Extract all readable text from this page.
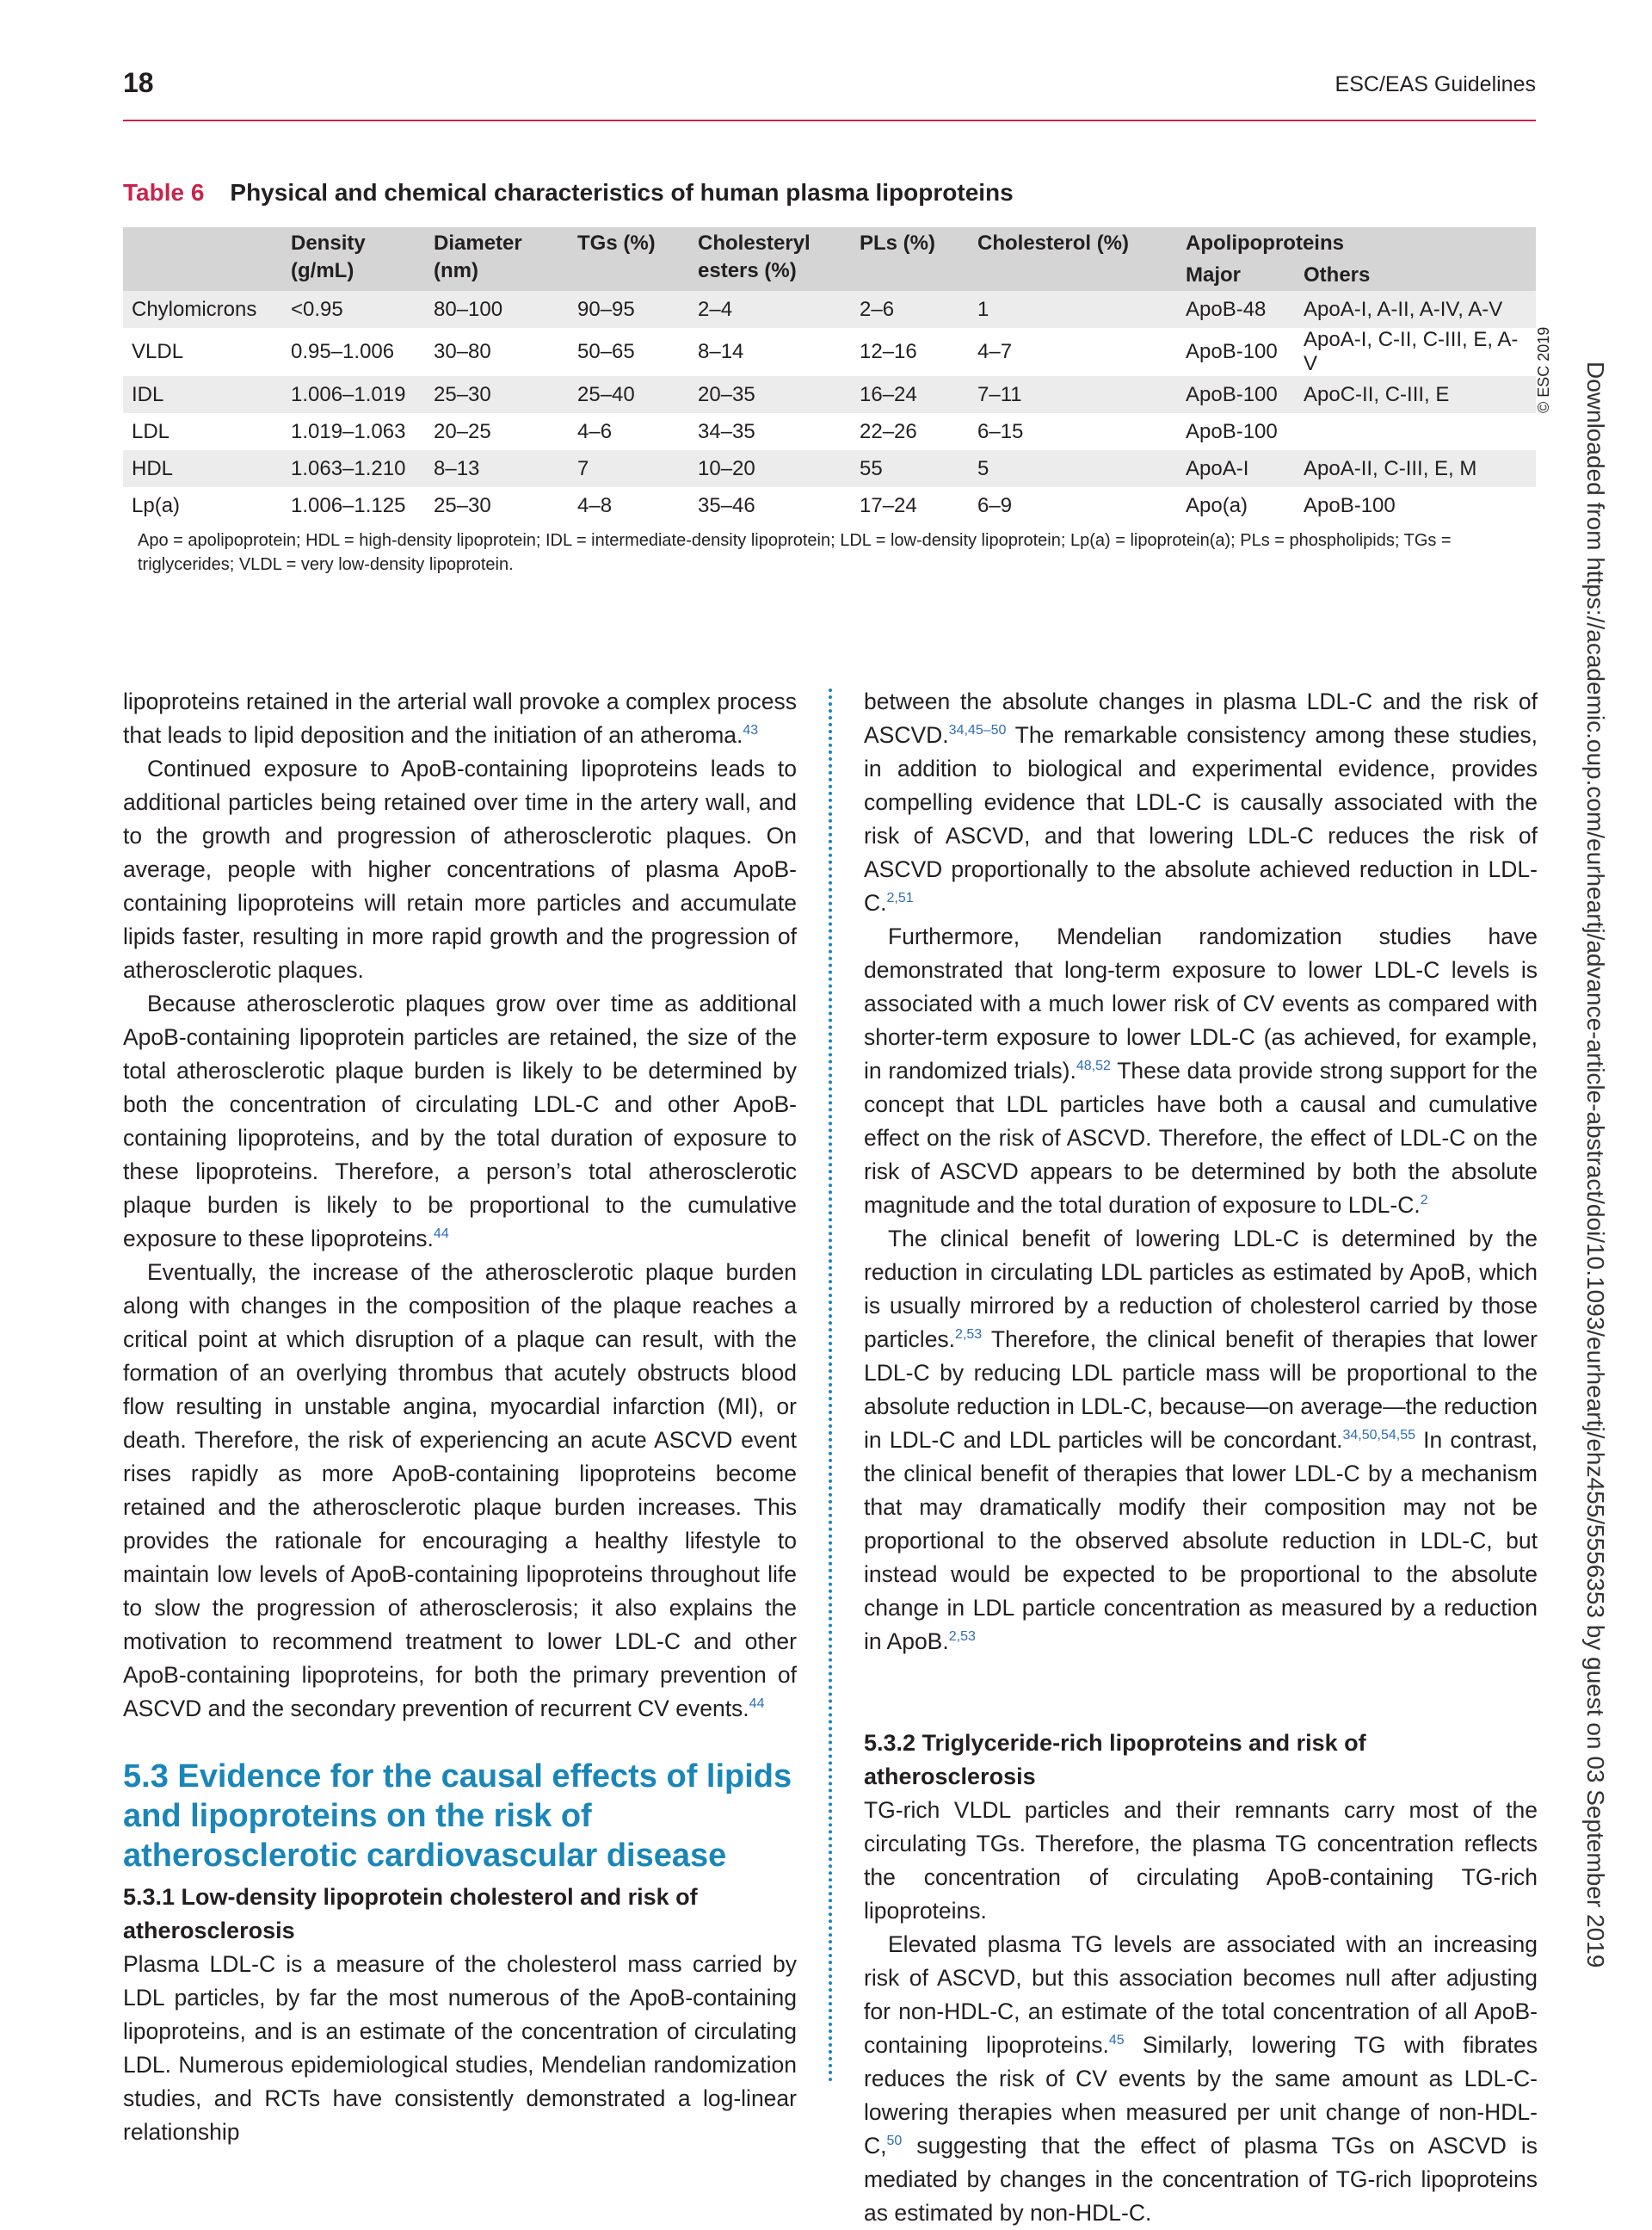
18	ESC/EAS Guidelines
Table 6 Physical and chemical characteristics of human plasma lipoproteins
	Density (g/mL)	Diameter (nm)	TGs (%)	Cholesteryl esters (%)	PLs (%)	Cholesterol (%)	Apolipoproteins	
							Major	Others
Chylomicrons	<0.95	80–100	90–95	2–4	2–6	1	ApoB-48	ApoA-I, A-II, A-IV, A-V
VLDL	0.95–1.006	30–80	50–65	8–14	12–16	4–7	ApoB-100	ApoA-I, C-II, C-III, E, A-V
IDL	1.006–1.019	25–30	25–40	20–35	16–24	7–11	ApoB-100	ApoC-II, C-III, E
LDL	1.019–1.063	20–25	4–6	34–35	22–26	6–15	ApoB-100	
HDL	1.063–1.210	8–13	7	10–20	55	5	ApoA-I	ApoA-II, C-III, E, M
Lp(a)	1.006–1.125	25–30	4–8	35–46	17–24	6–9	Apo(a)	ApoB-100
Apo = apolipoprotein; HDL = high-density lipoprotein; IDL = intermediate-density lipoprotein; LDL = low-density lipoprotein; Lp(a) = lipoprotein(a); PLs = phospholipids; TGs = triglycerides; VLDL = very low-density lipoprotein.
© ESC 2019 Downloaded from https://academic.oup.com/eurheartj/advance-article-abstract/doi/10.1093/eurheartj/ehz455/5556353 by guest on 03 September 2019

lipoproteins retained in the arterial wall provoke a complex process that leads to lipid deposition and the initiation of an atheroma.$^{43}$

Continued exposure to ApoB-containing lipoproteins leads to additional particles being retained over time in the artery wall, and to the growth and progression of atherosclerotic plaques. On average, people with higher concentrations of plasma ApoB-containing lipoproteins will retain more particles and accumulate lipids faster, resulting in more rapid growth and the progression of atherosclerotic plaques.

Because atherosclerotic plaques grow over time as additional ApoB-containing lipoprotein particles are retained, the size of the total atherosclerotic plaque burden is likely to be determined by both the concentration of circulating LDL-C and other ApoB-containing lipoproteins, and by the total duration of exposure to these lipoproteins. Therefore, a person’s total atherosclerotic plaque burden is likely to be proportional to the cumulative exposure to these lipoproteins.$^{44}$

Eventually, the increase of the atherosclerotic plaque burden along with changes in the composition of the plaque reaches a critical point at which disruption of a plaque can result, with the formation of an overlying thrombus that acutely obstructs blood flow resulting in unstable angina, myocardial infarction (MI), or death. Therefore, the risk of experiencing an acute ASCVD event rises rapidly as more ApoB-containing lipoproteins become retained and the atherosclerotic plaque burden increases. This provides the rationale for encouraging a healthy lifestyle to maintain low levels of ApoB-containing lipoproteins throughout life to slow the progression of atherosclerosis; it also explains the motivation to recommend treatment to lower LDL-C and other ApoB-containing lipoproteins, for both the primary prevention of ASCVD and the secondary prevention of recurrent CV events.$^{44}$

5.3 Evidence for the causal effects of lipids and lipoproteins on the risk of atherosclerotic cardiovascular disease
5.3.1 Low-density lipoprotein cholesterol and risk of atherosclerosis

Plasma LDL-C is a measure of the cholesterol mass carried by LDL particles, by far the most numerous of the ApoB-containing lipoproteins, and is an estimate of the concentration of circulating LDL. Numerous epidemiological studies, Mendelian randomization studies, and RCTs have consistently demonstrated a log-linear relationship

between the absolute changes in plasma LDL-C and the risk of ASCVD.$^{34,45-50}$ The remarkable consistency among these studies, in addition to biological and experimental evidence, provides compelling evidence that LDL-C is causally associated with the risk of ASCVD, and that lowering LDL-C reduces the risk of ASCVD proportionally to the absolute achieved reduction in LDL-C.$^{2,51}$

Furthermore, Mendelian randomization studies have demonstrated that long-term exposure to lower LDL-C levels is associated with a much lower risk of CV events as compared with shorter-term exposure to lower LDL-C (as achieved, for example, in randomized trials).$^{48,52}$ These data provide strong support for the concept that LDL particles have both a causal and cumulative effect on the risk of ASCVD. Therefore, the effect of LDL-C on the risk of ASCVD appears to be determined by both the absolute magnitude and the total duration of exposure to LDL-C.$^2$

The clinical benefit of lowering LDL-C is determined by the reduction in circulating LDL particles as estimated by ApoB, which is usually mirrored by a reduction of cholesterol carried by those particles.$^{2,53}$ Therefore, the clinical benefit of therapies that lower LDL-C by reducing LDL particle mass will be proportional to the absolute reduction in LDL-C, because—on average—the reduction in LDL-C and LDL particles will be concordant.$^{34,50,54,55}$ In contrast, the clinical benefit of therapies that lower LDL-C by a mechanism that may dramatically modify their composition may not be proportional to the observed absolute reduction in LDL-C, but instead would be expected to be proportional to the absolute change in LDL particle concentration as measured by a reduction in ApoB.$^{2,53}$

5.3.2 Triglyceride-rich lipoproteins and risk of atherosclerosis

TG-rich VLDL particles and their remnants carry most of the circulating TGs. Therefore, the plasma TG concentration reflects the concentration of circulating ApoB-containing TG-rich lipoproteins.

Elevated plasma TG levels are associated with an increasing risk of ASCVD, but this association becomes null after adjusting for non-HDL-C, an estimate of the total concentration of all ApoB-containing lipoproteins.$^{45}$ Similarly, lowering TG with fibrates reduces the risk of CV events by the same amount as LDL-C-lowering therapies when measured per unit change of non-HDL-C,$^{50}$ suggesting that the effect of plasma TGs on ASCVD is mediated by changes in the concentration of TG-rich lipoproteins as estimated by non-HDL-C.
